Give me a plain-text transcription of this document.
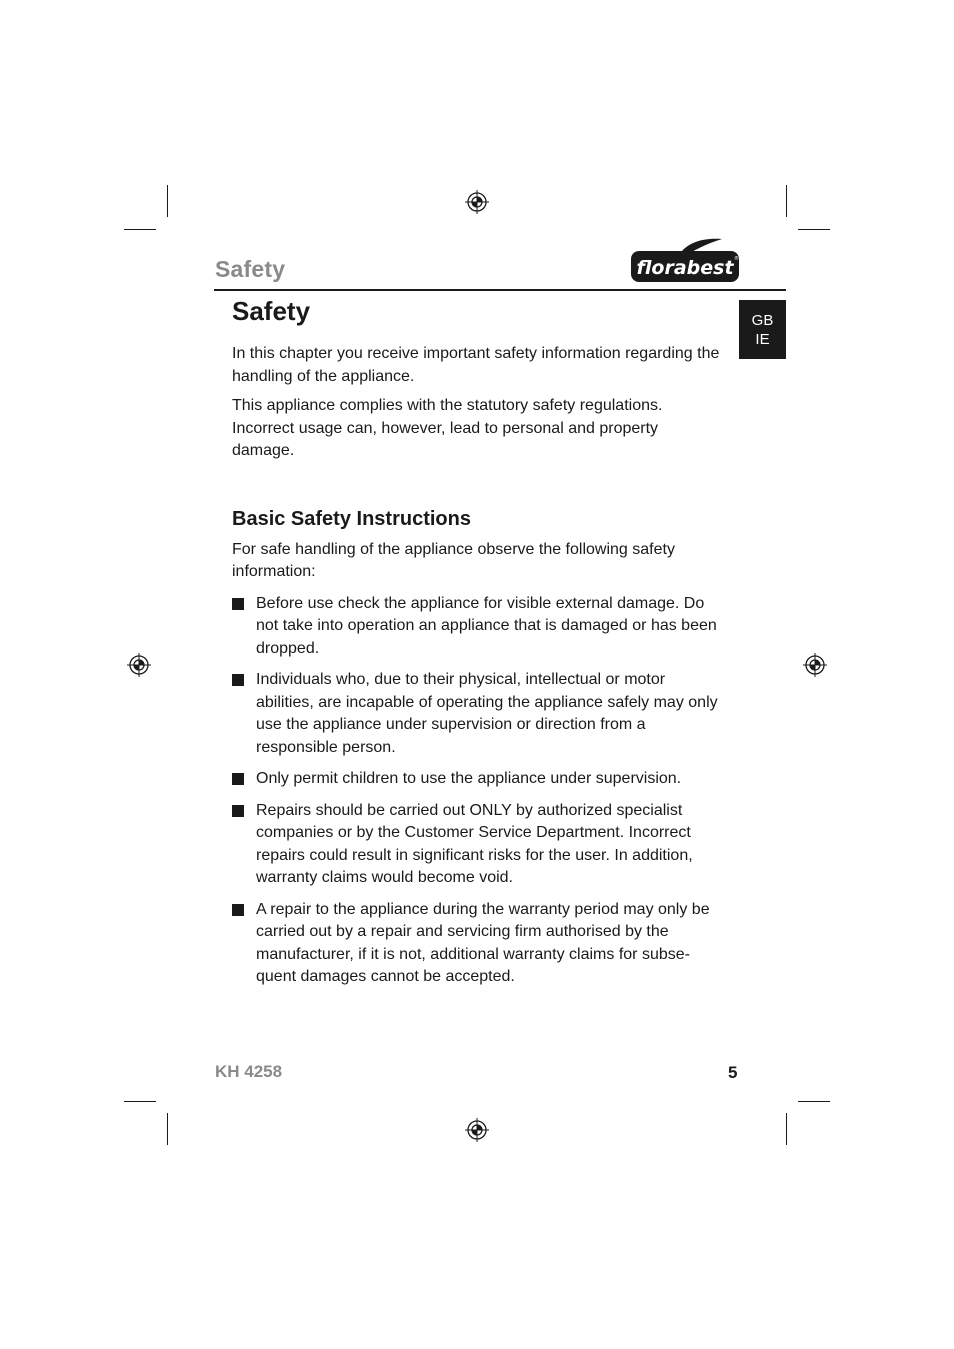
Safety	florabest ®
GB
IE
Safety

In this chapter you receive important safety information regarding the handling of the appliance.

This appliance complies with the statutory safety regulations. Incorrect usage can, however, lead to personal and property damage.

Basic Safety Instructions

For safe handling of the appliance observe the following safety information:

Before use check the appliance for visible external damage. Do not take into operation an appliance that is damaged or has been dropped.
Individuals who, due to their physical, intellectual or motor abilities, are incapable of operating the appliance safely may only use the appliance under supervision or direction from a responsible person.
Only permit children to use the appliance under supervision.
Repairs should be carried out ONLY by authorized specialist companies or by the Customer Service Department. Incorrect repairs could result in significant risks for the user. In addition, warranty claims would become void.
A repair to the appliance during the warranty period may only be carried out by a repair and servicing firm authorised by the manufacturer, if it is not, additional warranty claims for subse-quent damages cannot be accepted.
KH 4258	5
